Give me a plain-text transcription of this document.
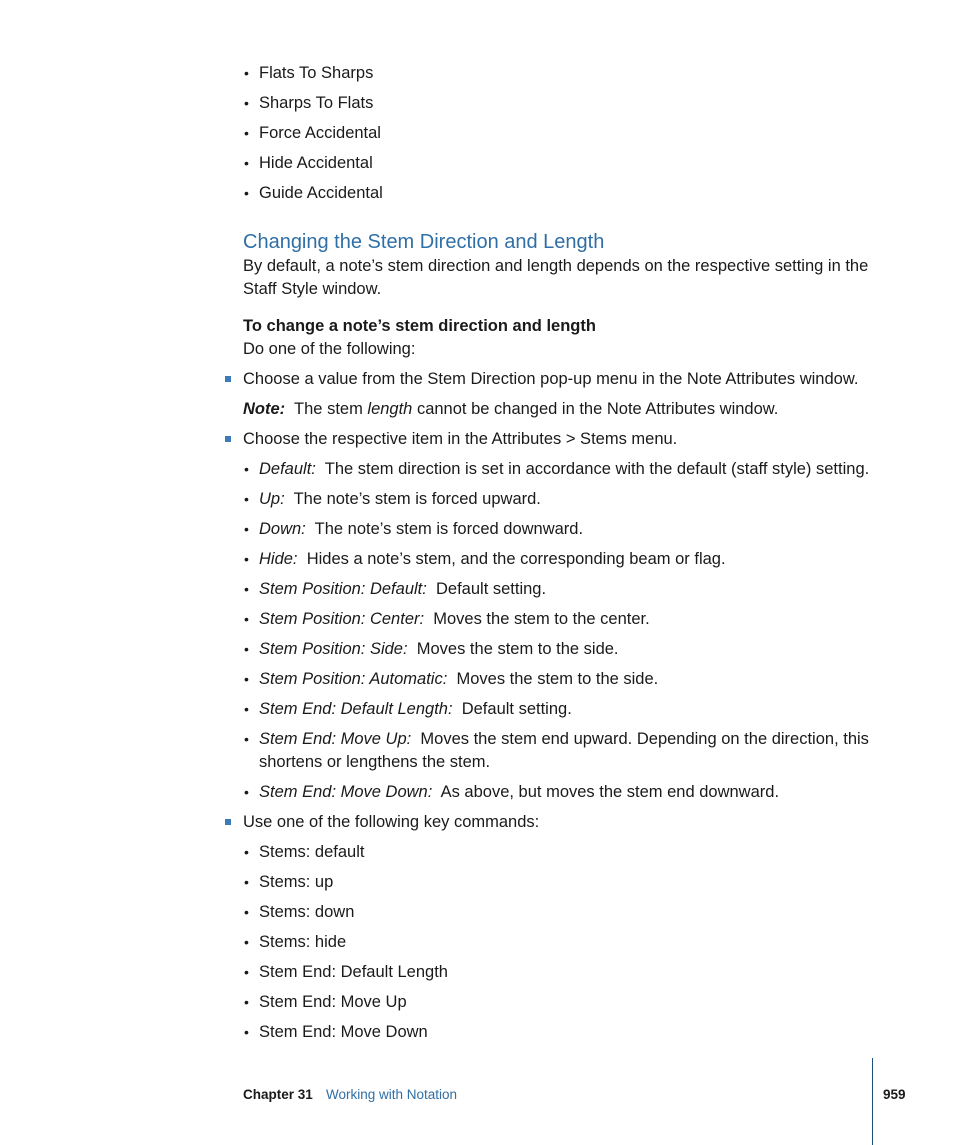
• Flats To Sharps
• Sharps To Flats
• Force Accidental
• Hide Accidental
• Guide Accidental
Changing the Stem Direction and Length
By default, a note’s stem direction and length depends on the respective setting in the Staff Style window.
To change a note’s stem direction and length
Do one of the following:
Choose a value from the Stem Direction pop-up menu in the Note Attributes window.
Note: The stem length cannot be changed in the Note Attributes window.
Choose the respective item in the Attributes > Stems menu.
• Default: The stem direction is set in accordance with the default (staff style) setting.
• Up: The note’s stem is forced upward.
• Down: The note’s stem is forced downward.
• Hide: Hides a note’s stem, and the corresponding beam or flag.
• Stem Position: Default: Default setting.
• Stem Position: Center: Moves the stem to the center.
• Stem Position: Side: Moves the stem to the side.
• Stem Position: Automatic: Moves the stem to the side.
• Stem End: Default Length: Default setting.
• Stem End: Move Up: Moves the stem end upward. Depending on the direction, this shortens or lengthens the stem.
• Stem End: Move Down: As above, but moves the stem end downward.
Use one of the following key commands:
• Stems: default
• Stems: up
• Stems: down
• Stems: hide
• Stem End: Default Length
• Stem End: Move Up
• Stem End: Move Down
Chapter 31 Working with Notation	959
